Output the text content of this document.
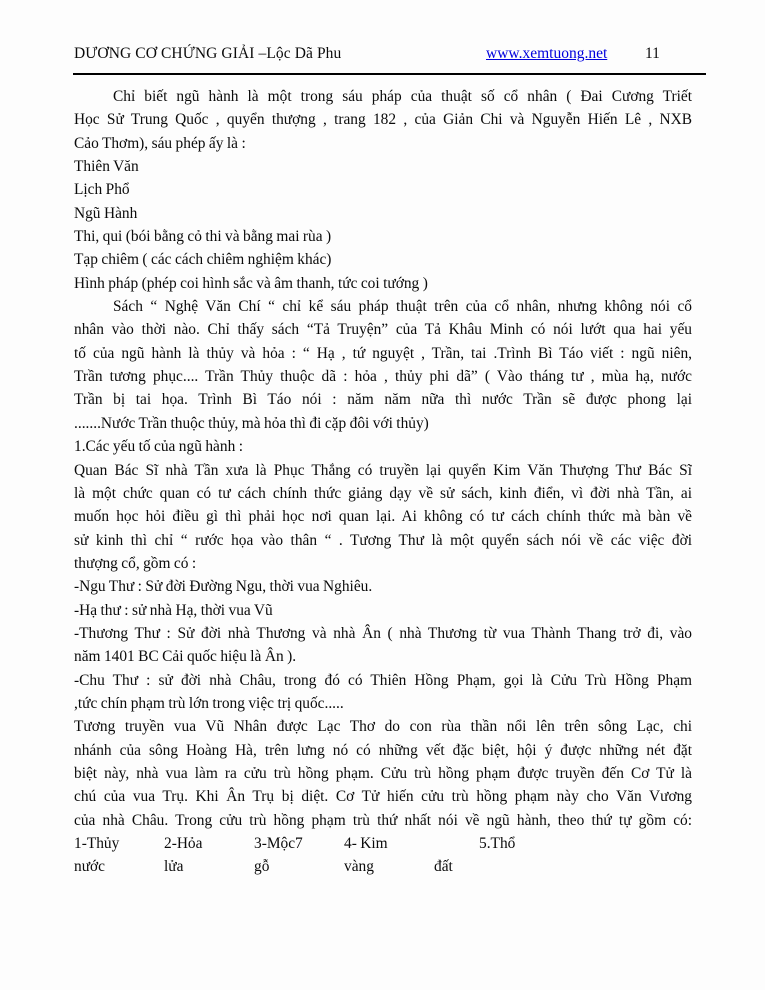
DƯƠNG CƠ CHỨNG GIẢI –Lộc Dã Phu	www.xemtuong.net 11
Chỉ biết ngũ hành là một trong sáu pháp của thuật số cổ nhân ( Đai Cương Triết
Học Sử Trung Quốc , quyển thượng , trang 182 , của Giản Chi và Nguyễn Hiến Lê , NXB
Cảo Thơm), sáu phép ấy là :
Thiên Văn
Lịch Phổ
Ngũ Hành
Thi, qui (bói bằng cỏ thi và bằng mai rùa )
Tạp chiêm ( các cách chiêm nghiệm khác)
Hình pháp (phép coi hình sắc và âm thanh, tức coi tướng )
Sách “ Nghệ Văn Chí “ chỉ kể sáu pháp thuật trên của cổ nhân, nhưng không nói cổ
nhân vào thời nào. Chỉ thấy sách “Tả Truyện” của Tả Khâu Minh có nói lướt qua hai yếu
tố của ngũ hành là thủy và hỏa : “ Hạ , tứ nguyệt , Trần, tai .Trình Bì Táo viết : ngũ niên,
Trần tương phục.... Trần Thủy thuộc dã : hỏa , thủy phi dã” ( Vào tháng tư , mùa hạ, nước
Trần bị tai họa. Trình Bì Táo nói : năm năm nữa thì nước Trần sẽ được phong lại
.......Nước Trần thuộc thủy, mà hỏa thì đi cặp đôi với thủy)
1.Các yếu tố của ngũ hành :
Quan Bác Sĩ nhà Tần xưa là Phục Thắng có truyền lại quyển Kim Văn Thượng Thư Bác Sĩ
là một chức quan có tư cách chính thức giảng dạy về sử sách, kinh điển, vì đời nhà Tần, ai
muốn học hỏi điều gì thì phải học nơi quan lại. Ai không có tư cách chính thức mà bàn về
sử kinh thì chỉ “ rước họa vào thân “ . Tương Thư là một quyển sách nói về các việc đời
thượng cổ, gồm có :
-Ngu Thư : Sử đời Đường Ngu, thời vua Nghiêu.
-Hạ thư : sử nhà Hạ, thời vua Vũ
-Thương Thư : Sử đời nhà Thương và nhà Ân ( nhà Thương từ vua Thành Thang trở đi, vào
năm 1401 BC Cải quốc hiệu là Ân ).
-Chu Thư : sử đời nhà Châu, trong đó có Thiên Hồng Phạm, gọi là Cửu Trù Hồng Phạm
,tức chín phạm trù lớn trong việc trị quốc.....
Tương truyền vua Vũ Nhân được Lạc Thơ do con rùa thần nổi lên trên sông Lạc, chi
nhánh của sông Hoàng Hà, trên lưng nó có những vết đặc biệt, hội ý được những nét đặt
biệt này, nhà vua làm ra cửu trù hồng phạm. Cửu trù hồng phạm được truyền đến Cơ Tử là
chú của vua Trụ. Khi Ân Trụ bị diệt. Cơ Tử hiến cửu trù hồng phạm này cho Văn Vương
của nhà Châu. Trong cửu trù hồng phạm trù thứ nhất nói về ngũ hành, theo thứ tự gồm có:
1-Thủy	2-Hỏa	3-Mộc7	4- Kim	5.Thổ
nước	lửa	gỗ	vàng	đất
